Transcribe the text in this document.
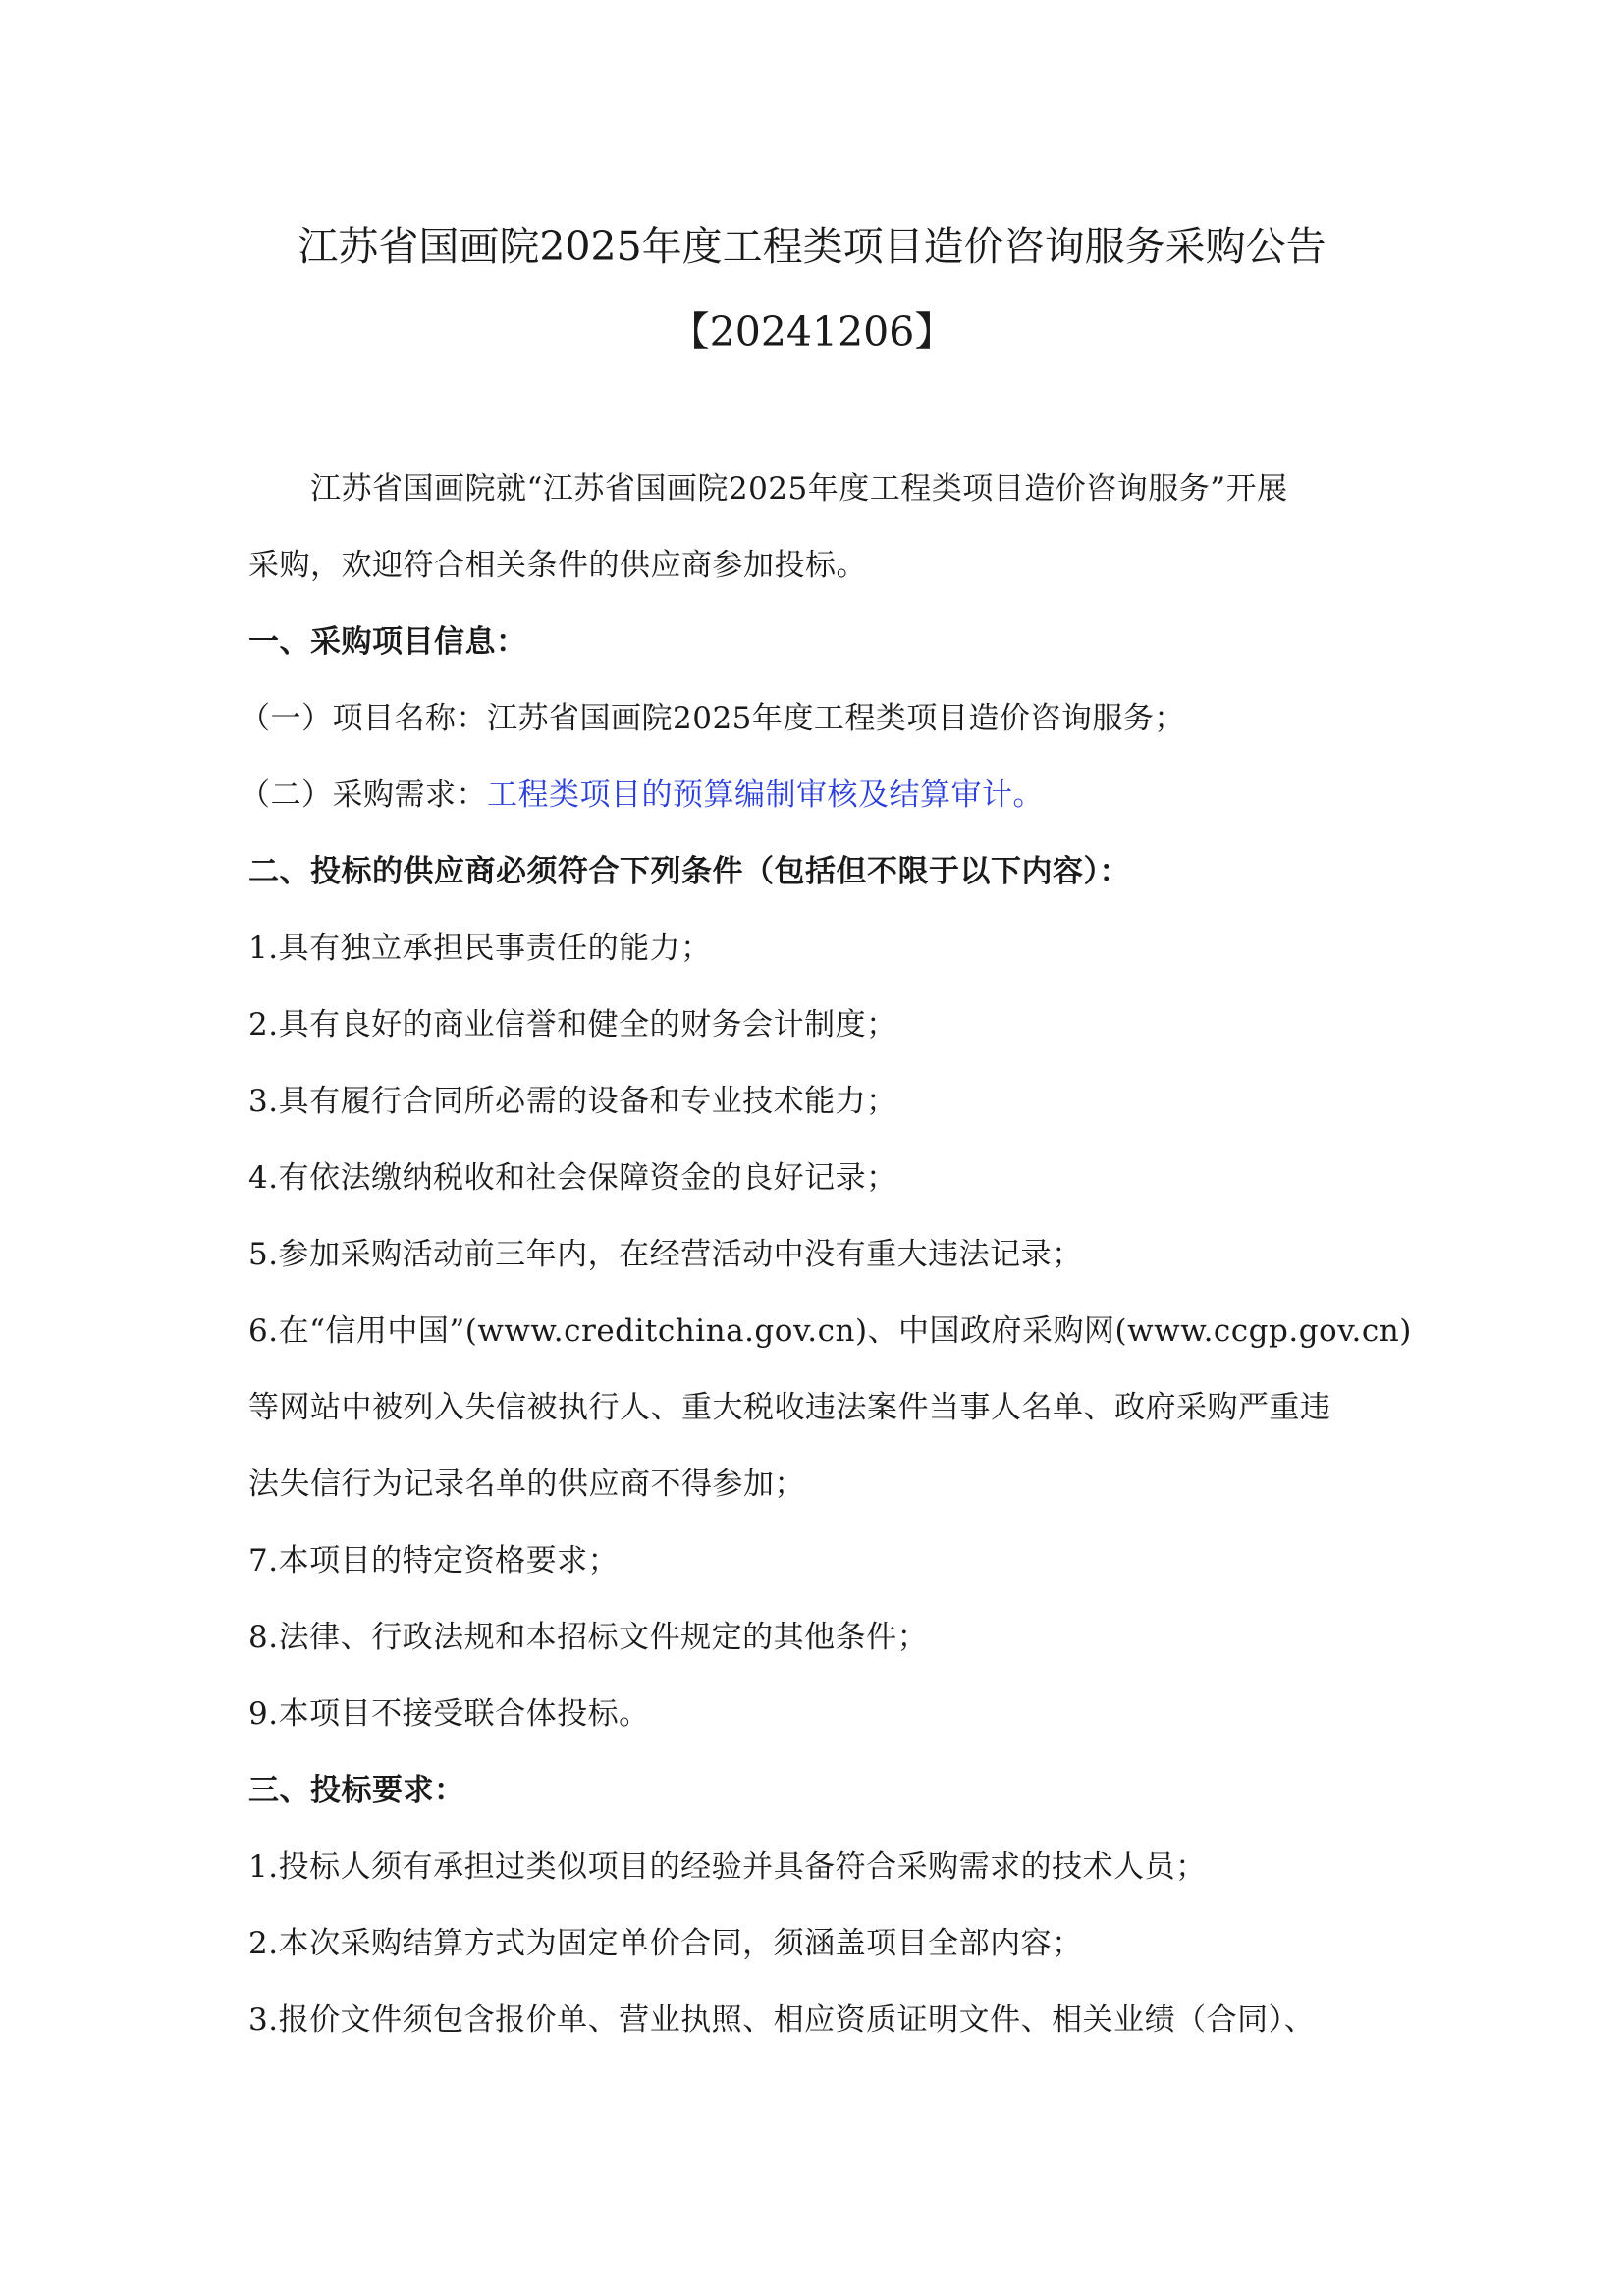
江苏省国画院2025年度工程类项目造价咨询服务采购公告
【20241206】
江苏省国画院就“江苏省国画院2025年度工程类项目造价咨询服务”开展
采购，欢迎符合相关条件的供应商参加投标。
一、采购项目信息：
（一）项目名称：江苏省国画院2025年度工程类项目造价咨询服务；
（二）采购需求：工程类项目的预算编制审核及结算审计。
二、投标的供应商必须符合下列条件（包括但不限于以下内容）：
1.具有独立承担民事责任的能力；
2.具有良好的商业信誉和健全的财务会计制度；
3.具有履行合同所必需的设备和专业技术能力；
4.有依法缴纳税收和社会保障资金的良好记录；
5.参加采购活动前三年内，在经营活动中没有重大违法记录；
6.在“信用中国”(www.creditchina.gov.cn)、中国政府采购网(www.ccgp.gov.cn)
等网站中被列入失信被执行人、重大税收违法案件当事人名单、政府采购严重违
法失信行为记录名单的供应商不得参加；
7.本项目的特定资格要求；
8.法律、行政法规和本招标文件规定的其他条件；
9.本项目不接受联合体投标。
三、投标要求：
1.投标人须有承担过类似项目的经验并具备符合采购需求的技术人员；
2.本次采购结算方式为固定单价合同，须涵盖项目全部内容；
3.报价文件须包含报价单、营业执照、相应资质证明文件、相关业绩（合同）、
